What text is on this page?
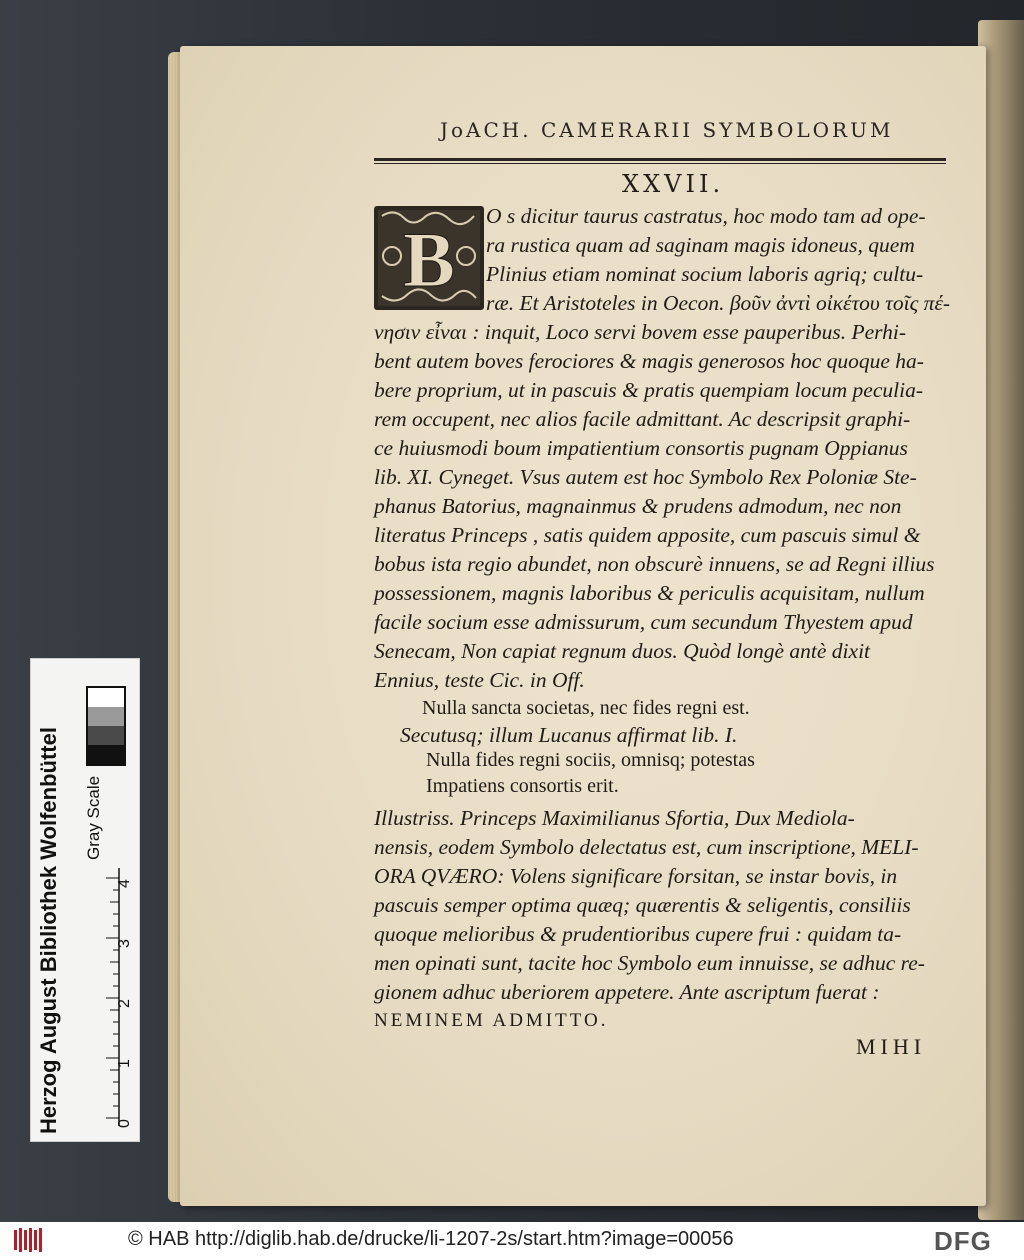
JoACH. CAMERARII SYMBOLORUM
XXVII.
B O s dicitur taurus castratus, hoc modo tam ad ope-
ra rustica quam ad saginam magis idoneus, quem
Plinius etiam nominat socium laboris agriq; cultu-
ræ. Et Aristoteles in Oecon. βοῦν ἀντὶ οἰκέτου τοῖς πέ-
νησιν εἶναι : inquit, Loco servi bovem esse pauperibus. Perhi-
bent autem boves ferociores & magis generosos hoc quoque ha-
bere proprium, ut in pascuis & pratis quempiam locum peculia-
rem occupent, nec alios facile admittant. Ac descripsit graphi-
ce huiusmodi boum impatientium consortis pugnam Oppianus
lib. XI. Cyneget. Vsus autem est hoc Symbolo Rex Poloniæ Ste-
phanus Batorius, magnainmus & prudens admodum, nec non
literatus Princeps , satis quidem apposite, cum pascuis simul &
bobus ista regio abundet, non obscurè innuens, se ad Regni illius
possessionem, magnis laboribus & periculis acquisitam, nullum
facile socium esse admissurum, cum secundum Thyestem apud
Senecam, Non capiat regnum duos. Quòd longè antè dixit
Ennius, teste Cic. in Off.
Nulla sancta societas, nec fides regni est.
Secutusq; illum Lucanus affirmat lib. I.
Nulla fides regni sociis, omnisq; potestas
Impatiens consortis erit.
Illustriss. Princeps Maximilianus Sfortia, Dux Mediola-
nensis, eodem Symbolo delectatus est, cum inscriptione, MELI-
ORA QVÆRO: Volens significare forsitan, se instar bovis, in
pascuis semper optima quæq; quærentis & seligentis, consiliis
quoque melioribus & prudentioribus cupere frui : quidam ta-
men opinati sunt, tacite hoc Symbolo eum innuisse, se adhuc re-
gionem adhuc uberiorem appetere. Ante ascriptum fuerat :
NEMINEM ADMITTO.
MIHI
Herzog August Bibliothek Wolfenbüttel Gray Scale
0
1
2
3
4
© HAB http://diglib.hab.de/drucke/li-1207-2s/start.htm?image=00056	DFG
